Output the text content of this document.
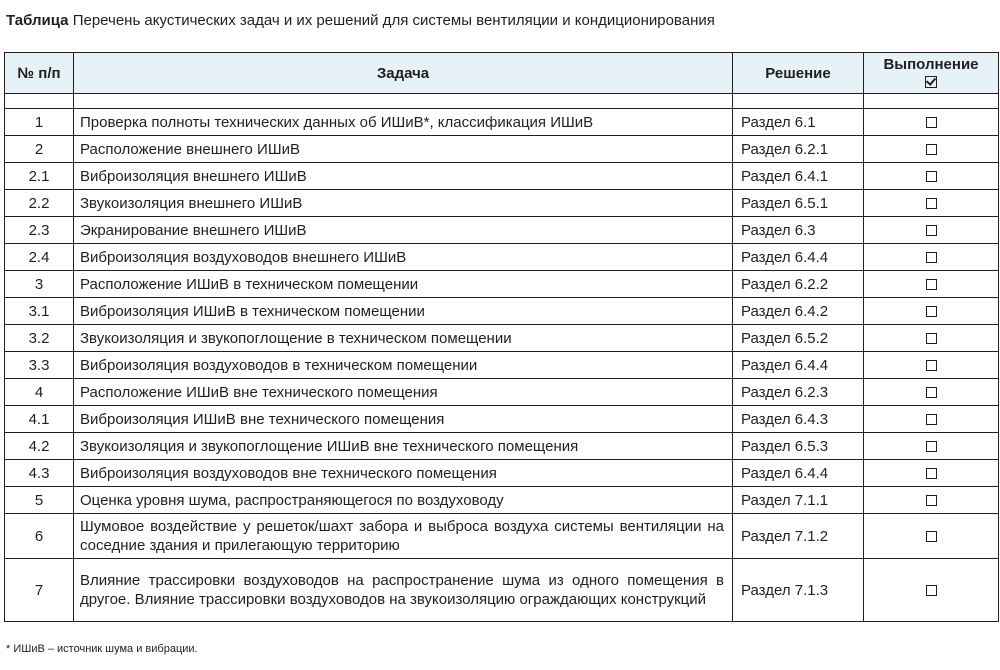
Таблица Перечень акустических задач и их решений для системы вентиляции и кондиционирования
№ п/п	Задача	Решение	Выполнение

1	Проверка полноты технических данных об ИШиВ*, классификация ИШиВ	Раздел 6.1	
2	Расположение внешнего ИШиВ	Раздел 6.2.1	
2.1	Виброизоляция внешнего ИШиВ	Раздел 6.4.1	
2.2	Звукоизоляция внешнего ИШиВ	Раздел 6.5.1	
2.3	Экранирование внешнего ИШиВ	Раздел 6.3	
2.4	Виброизоляция воздуховодов внешнего ИШиВ	Раздел 6.4.4	
3	Расположение ИШиВ в техническом помещении	Раздел 6.2.2	
3.1	Виброизоляция ИШиВ в техническом помещении	Раздел 6.4.2	
3.2	Звукоизоляция и звукопоглощение в техническом помещении	Раздел 6.5.2	
3.3	Виброизоляция воздуховодов в техническом помещении	Раздел 6.4.4	
4	Расположение ИШиВ вне технического помещения	Раздел 6.2.3	
4.1	Виброизоляция ИШиВ вне технического помещения	Раздел 6.4.3	
4.2	Звукоизоляция и звукопоглощение ИШиВ вне технического помещения	Раздел 6.5.3	
4.3	Виброизоляция воздуховодов вне технического помещения	Раздел 6.4.4	
5	Оценка уровня шума, распространяющегося по воздуховоду	Раздел 7.1.1	
6	Шумовое воздействие у решеток/шахт забора и выброса воздуха системы вентиляции на соседние здания и прилегающую территорию	Раздел 7.1.2	
7	Влияние трассировки воздуховодов на распространение шума из одного помещения в другое. Влияние трассировки воздуховодов на звукоизоляцию ограждающих конструкций	Раздел 7.1.3	
* ИШиВ – источник шума и вибрации.
